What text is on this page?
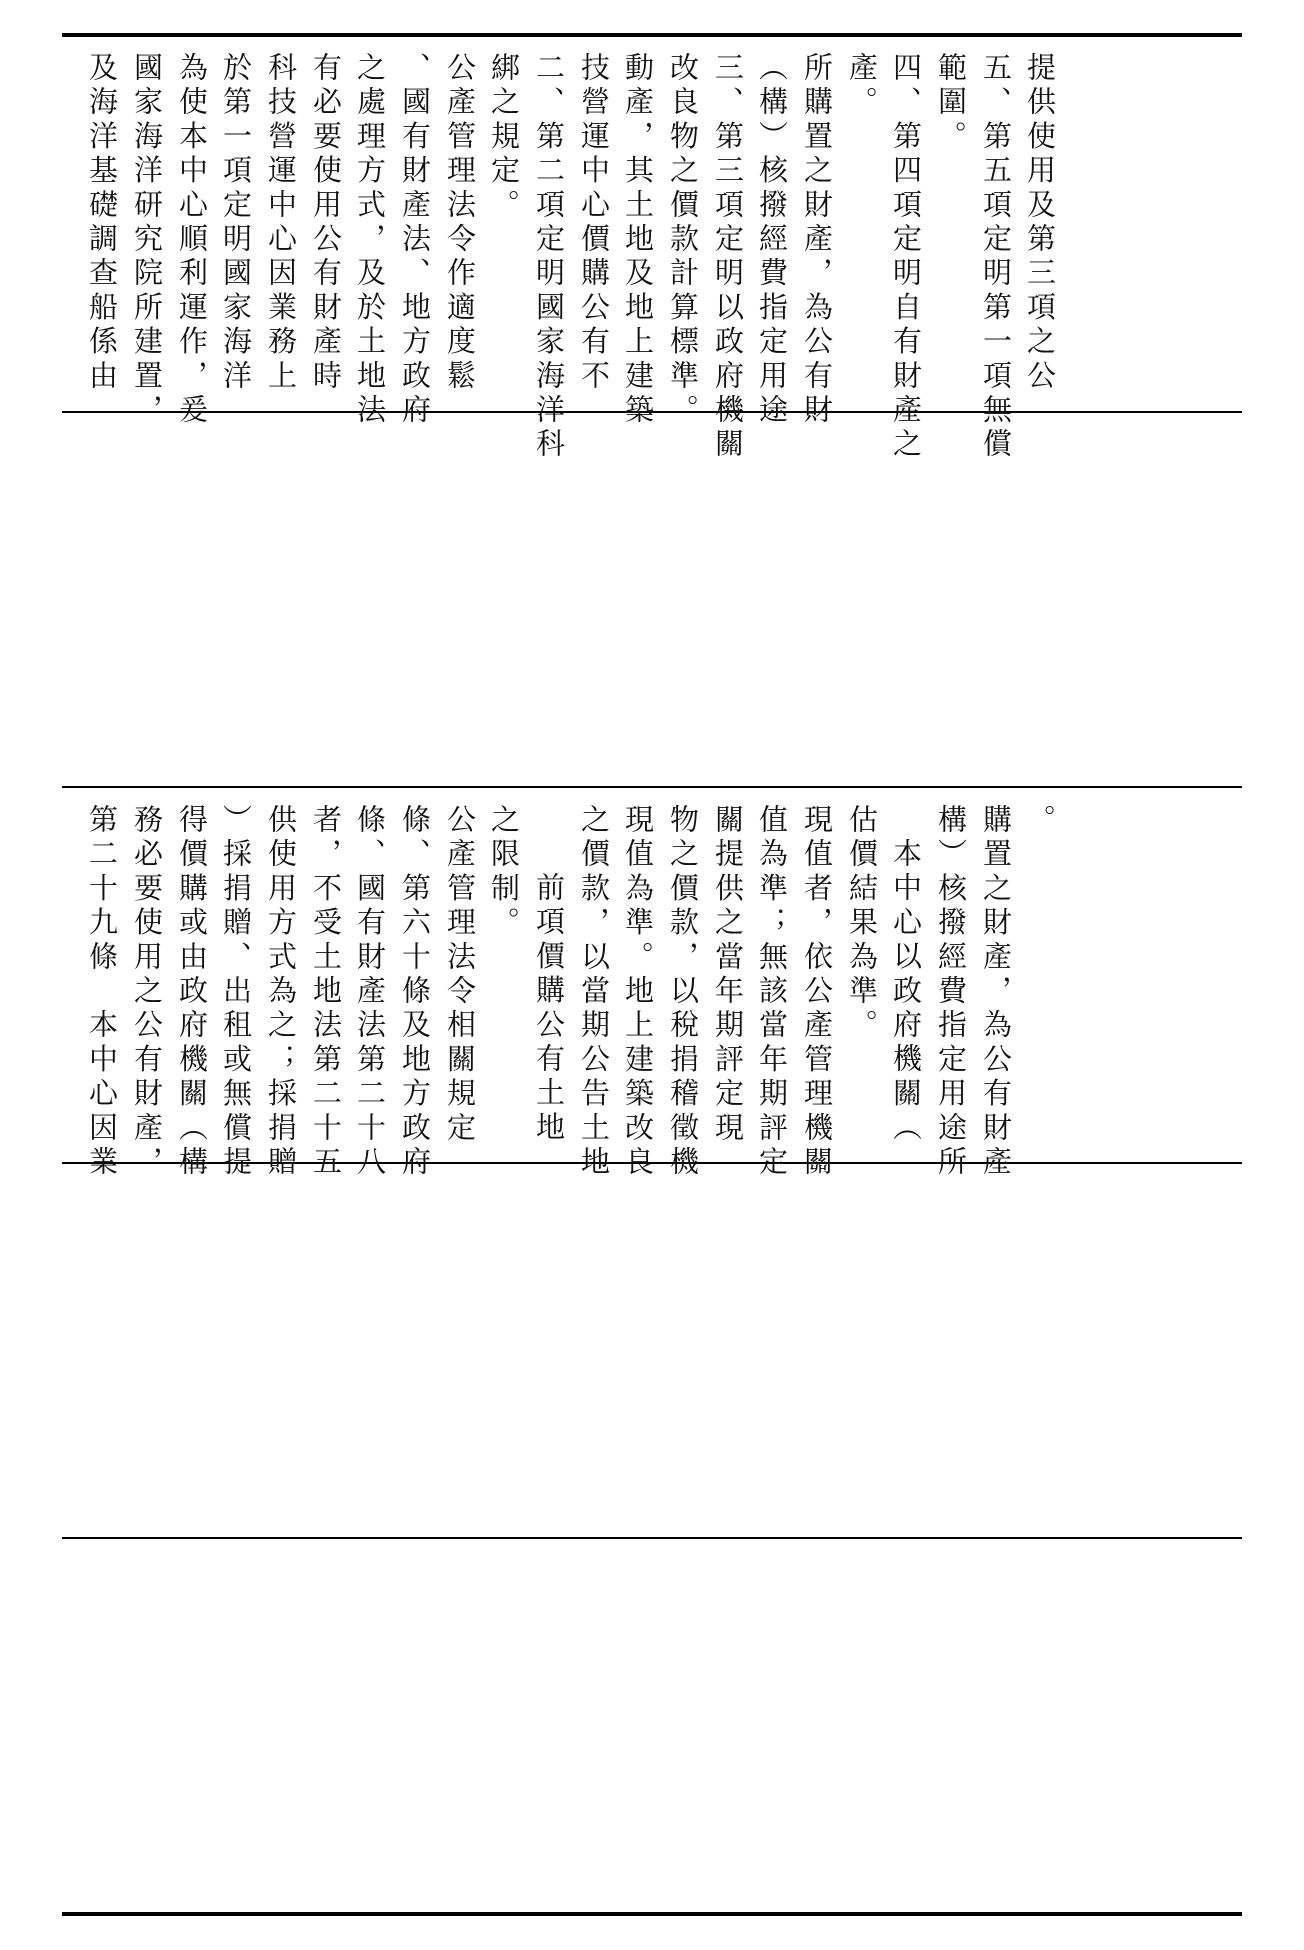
及海洋基礎調查船係由 國家海洋研究院所建置， 為使本中心順利運作，爰 於第一項定明國家海洋 科技營運中心因業務上 有必要使用公有財產時 之處理方式，及於土地法 、國有財產法、地方政府 公產管理法令作適度鬆 綁之規定。 二、第二項定明國家海洋科 技營運中心價購公有不 動產，其土地及地上建築 改良物之價款計算標準。 三、第三項定明以政府機關 （構）核撥經費指定用途 所購置之財產，為公有財 產。 四、第四項定明自有財產之 範圍。 五、第五項定明第一項無償 提供使用及第三項之公
第二十九條　本中心因業 務必要使用之公有財產， 得價購或由政府機關（構 ）採捐贈、出租或無償提 供使用方式為之；採捐贈 者，不受土地法第二十五 條、國有財產法第二十八 條、第六十條及地方政府 公產管理法令相關規定 之限制。 前項價購公有土地 之價款，以當期公告土地 現值為準。地上建築改良 物之價款，以稅捐稽徵機 關提供之當年期評定現 值為準；無該當年期評定 現值者，依公產管理機關 估價結果為準。 本中心以政府機關（ 構）核撥經費指定用途所 購置之財產，為公有財產 。
